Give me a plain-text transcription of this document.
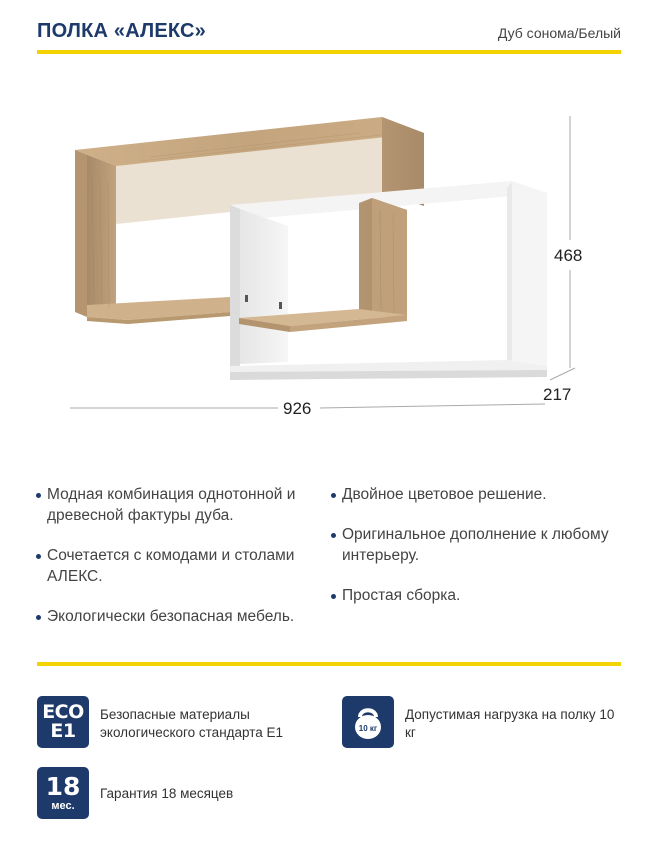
ПОЛКА «АЛЕКС»	Дуб сонома/Белый
926
468
217
Модная комбинация однотонной и древесной фактуры дуба.
Сочетается с комодами и столами АЛЕКС.
Экологически безопасная мебель.
Двойное цветовое решение.
Оригинальное дополнение к любому интерьеру.
Простая сборка.
ECO
E1
Безопасные материалы экологического стандарта Е1	10 кг
Допустимая нагрузка на полку 10 кг
18
мес.
Гарантия 18 месяцев
